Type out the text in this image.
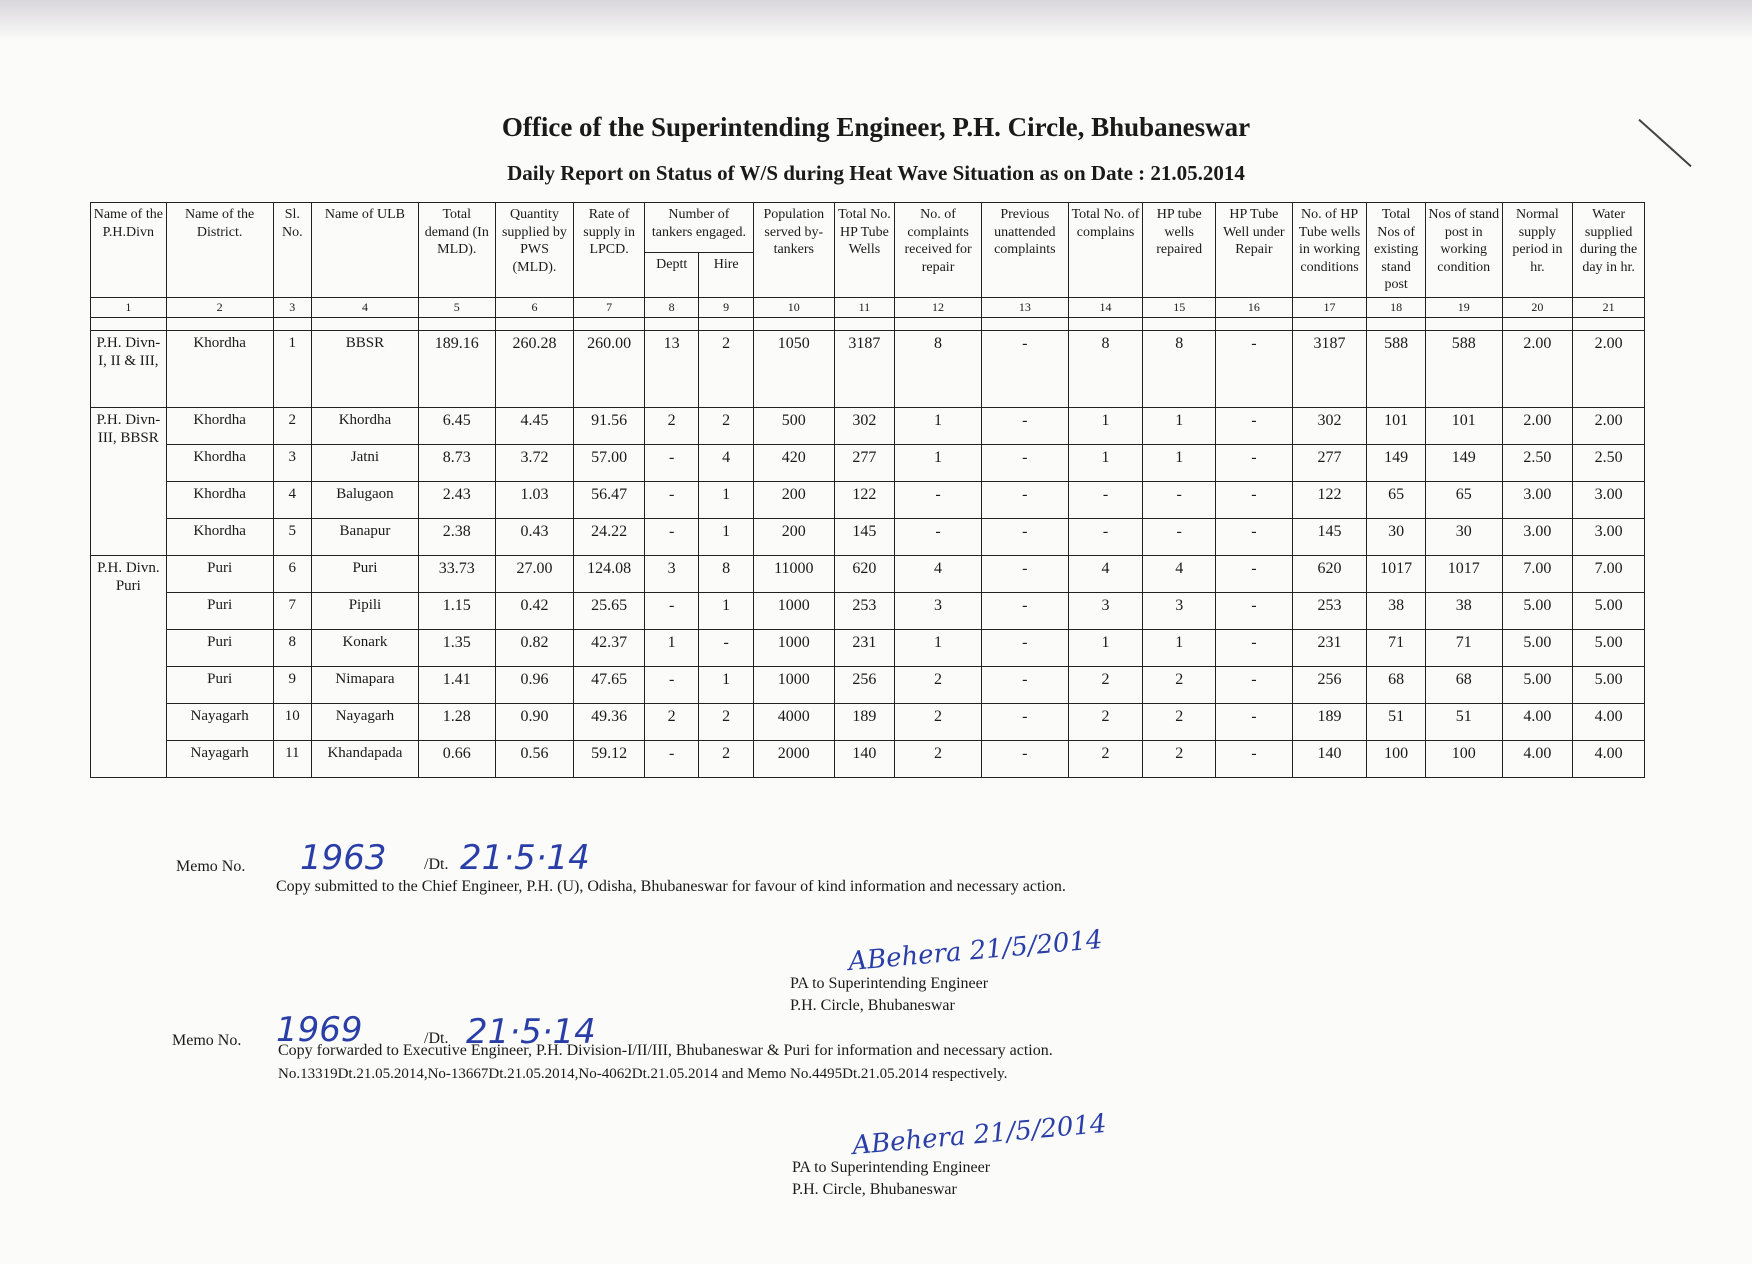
Office of the Superintending Engineer, P.H. Circle, Bhubaneswar
Daily Report on Status of W/S during Heat Wave Situation as on Date : 21.05.2014
Name of the P.H.Divn	Name of the District.	Sl. No.	Name of ULB	Total demand (In MLD).	Quantity supplied by PWS (MLD).	Rate of supply in LPCD.	Number of tankers engaged.		Population served by- tankers	Total No. HP Tube Wells	No. of complaints received for repair	Previous unattended complaints	Total No. of complains	HP tube wells repaired	HP Tube Well under Repair	No. of HP Tube wells in working conditions	Total Nos of existing stand post	Nos of stand post in working condition	Normal supply period in hr.	Water supplied during the day in hr.
							Deptt	Hire												
1	2	3	4	5	6	7	8	9	10	11	12	13	14	15	16	17	18	19	20	21

P.H. Divn-I, II & III,	Khordha	1	BBSR	189.16	260.28	260.00	13	2	1050	3187	8	-	8	8	-	3187	588	588	2.00	2.00
P.H. Divn-III, BBSR	Khordha	2	Khordha	6.45	4.45	91.56	2	2	500	302	1	-	1	1	-	302	101	101	2.00	2.00
	Khordha	3	Jatni	8.73	3.72	57.00	-	4	420	277	1	-	1	1	-	277	149	149	2.50	2.50
	Khordha	4	Balugaon	2.43	1.03	56.47	-	1	200	122	-	-	-	-	-	122	65	65	3.00	3.00
	Khordha	5	Banapur	2.38	0.43	24.22	-	1	200	145	-	-	-	-	-	145	30	30	3.00	3.00
P.H. Divn. Puri	Puri	6	Puri	33.73	27.00	124.08	3	8	11000	620	4	-	4	4	-	620	1017	1017	7.00	7.00
	Puri	7	Pipili	1.15	0.42	25.65	-	1	1000	253	3	-	3	3	-	253	38	38	5.00	5.00
	Puri	8	Konark	1.35	0.82	42.37	1	-	1000	231	1	-	1	1	-	231	71	71	5.00	5.00
	Puri	9	Nimapara	1.41	0.96	47.65	-	1	1000	256	2	-	2	2	-	256	68	68	5.00	5.00
	Nayagarh	10	Nayagarh	1.28	0.90	49.36	2	2	4000	189	2	-	2	2	-	189	51	51	4.00	4.00
	Nayagarh	11	Khandapada	0.66	0.56	59.12	-	2	2000	140	2	-	2	2	-	140	100	100	4.00	4.00
Memo No. 1963 /Dt. 21·5·14
Copy submitted to the Chief Engineer, P.H. (U), Odisha, Bhubaneswar for favour of kind information and necessary action.
ABehera 21/5/2014
PA to Superintending Engineer
P.H. Circle, Bhubaneswar
Memo No. 1969	/Dt. 21·5·14
Copy forwarded to Executive Engineer, P.H. Division-I/II/III, Bhubaneswar & Puri for information and necessary action.
No.13319Dt.21.05.2014,No-13667Dt.21.05.2014,No-4062Dt.21.05.2014 and Memo No.4495Dt.21.05.2014 respectively.
ABehera 21/5/2014
PA to Superintending Engineer
P.H. Circle, Bhubaneswar
